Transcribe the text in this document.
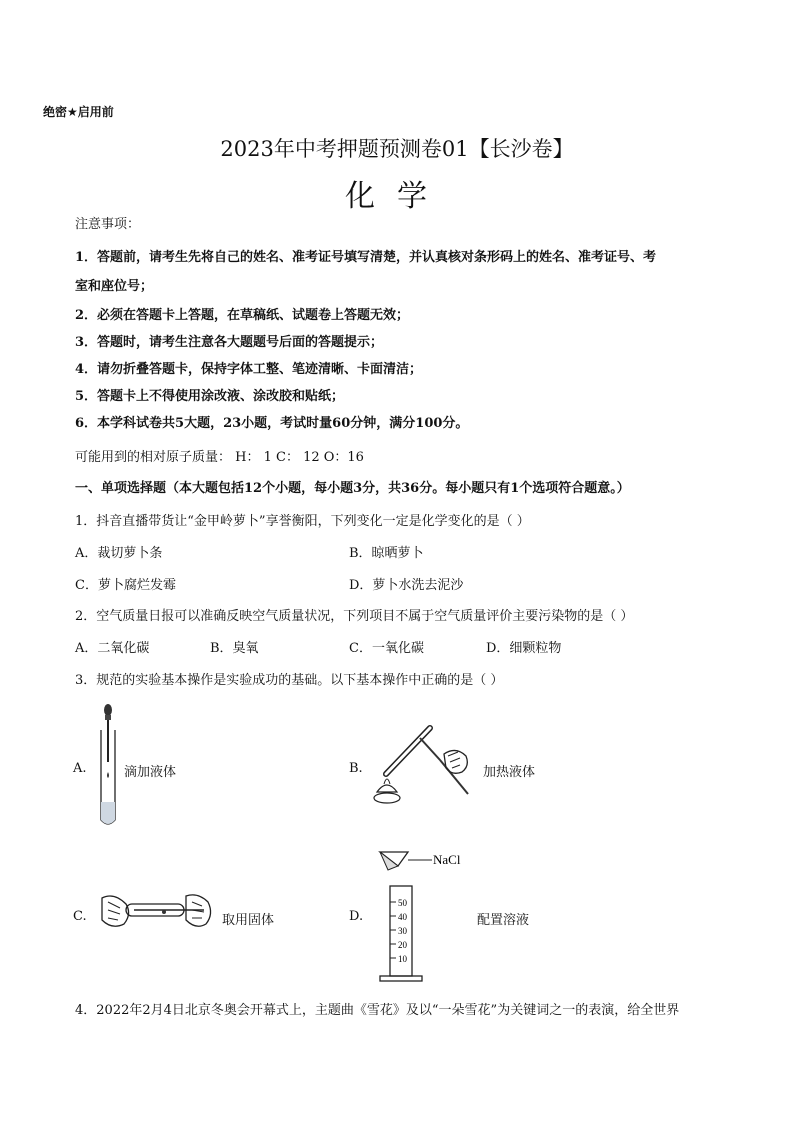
绝密★启用前
2023年中考押题预测卷01【长沙卷】
化学
注意事项：
1．答题前，请考生先将自己的姓名、准考证号填写清楚，并认真核对条形码上的姓名、准考证号、考
室和座位号；
2．必须在答题卡上答题，在草稿纸、试题卷上答题无效；
3．答题时，请考生注意各大题题号后面的答题提示；
4．请勿折叠答题卡，保持字体工整、笔迹清晰、卡面清洁；
5．答题卡上不得使用涂改液、涂改胶和贴纸；
6．本学科试卷共5大题，23小题，考试时量60分钟，满分100分。
可能用到的相对原子质量： H： 1 C： 12 O：16
一、单项选择题（本大题包括12个小题，每小题3分，共36分。每小题只有1个选项符合题意。）
1．抖音直播带货让“金甲岭萝卜”享誉衡阳，下列变化一定是化学变化的是（ ）
A．裁切萝卜条	B．晾晒萝卜
C．萝卜腐烂发霉	D．萝卜水洗去泥沙
2．空气质量日报可以准确反映空气质量状况，下列项目不属于空气质量评价主要污染物的是（ ）
A．二氧化碳	B．臭氧	C．一氧化碳	D．细颗粒物
3．规范的实验基本操作是实验成功的基础。以下基本操作中正确的是（ ）
A.	滴加液体	B.	加热液体
C.	取用固体	D.
NaCl
50
40
30
20
10
配置溶液
4．2022年2月4日北京冬奥会开幕式上，主题曲《雪花》及以“一朵雪花”为关键词之一的表演，给全世界
